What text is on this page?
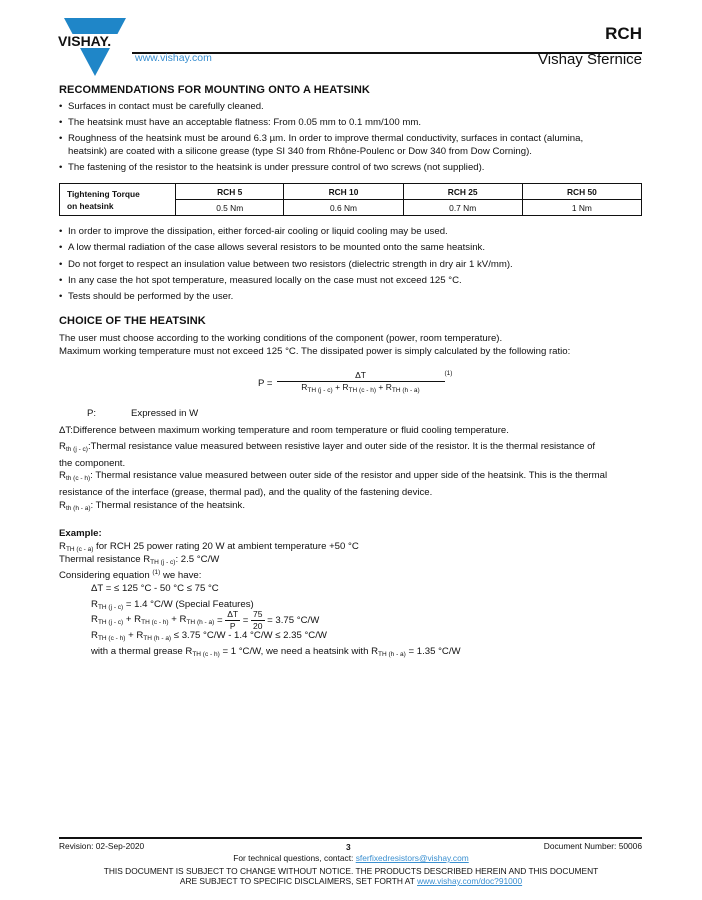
VISHAY.
www.vishay.com
RCH
Vishay Sfernice
RECOMMENDATIONS FOR MOUNTING ONTO A HEATSINK
• Surfaces in contact must be carefully cleaned.
• The heatsink must have an acceptable flatness: From 0.05 mm to 0.1 mm/100 mm.
• Roughness of the heatsink must be around 6.3 µm. In order to improve thermal conductivity, surfaces in contact (alumina,
heatsink) are coated with a silicone grease (type SI 340 from Rhône-Poulenc or Dow 340 from Dow Corning).
• The fastening of the resistor to the heatsink is under pressure control of two screws (not supplied).
Tightening Torque
on heatsink	RCH 5	RCH 10	RCH 25	RCH 50
	0.5 Nm	0.6 Nm	0.7 Nm	1 Nm
• In order to improve the dissipation, either forced-air cooling or liquid cooling may be used.
• A low thermal radiation of the case allows several resistors to be mounted onto the same heatsink.
• Do not forget to respect an insulation value between two resistors (dielectric strength in dry air 1 kV/mm).
• In any case the hot spot temperature, measured locally on the case must not exceed 125 °C.
• Tests should be performed by the user.
CHOICE OF THE HEATSINK
The user must choose according to the working conditions of the component (power, room temperature).
Maximum working temperature must not exceed 125 °C. The dissipated power is simply calculated by the following ratio:
$P = \frac{\Delta T}{R_{TH (j - c)} + R_{TH (c - h)} + R_{TH (h - a)}}^{(1)}$
P:	Expressed in W
ΔT:Difference between maximum working temperature and room temperature or fluid cooling temperature.
$R_{th (j - c)}:Thermal$ resistance value measured between resistive layer and outer side of the resistor. It is the thermal resistance of
the component.
$R_{th (c - h)}$: Thermal resistance value measured between outer side of the resistor and upper side of the heatsink. This is the thermal
resistance of the interface (grease, thermal pad), and the quality of the fastening device.
$R_{th (h - a)}$: Thermal resistance of the heatsink.
Example:
$R_{TH (c - a)}$ for RCH 25 power rating 20 W at ambient temperature +50 °C
Thermal resistance $R_{TH (j - c)}$: 2.5 °C/W
Considering equation $^{(1)}$ we have:
ΔT = ≤ 125 °C - 50 °C ≤ 75 °C
$R_{TH (j - c)} = 1.4$ °C/W (Special Features)
$R_{TH (j - c)} + R_{TH (c - h)} + R_{TH (h - a)} = \frac{\Delta T}{P} = \frac{75}{20} = 3.75$ °C/W
$R_{TH (c - h)} + R_{TH (h - a)} \le 3.75$ °C/W - 1.4 °C/W ≤ 2.35 °C/W
with a thermal grease $R_{TH (c - h)} = 1$ °C/W, we need a heatsink with $R_{TH (h - a)} = 1.35$ °C/W
Revision: 02-Sep-2020	3	Document Number: 50006
For technical questions, contact: sferfixedresistors@vishay.com
THIS DOCUMENT IS SUBJECT TO CHANGE WITHOUT NOTICE. THE PRODUCTS DESCRIBED HEREIN AND THIS DOCUMENT
ARE SUBJECT TO SPECIFIC DISCLAIMERS, SET FORTH AT www.vishay.com/doc?91000
